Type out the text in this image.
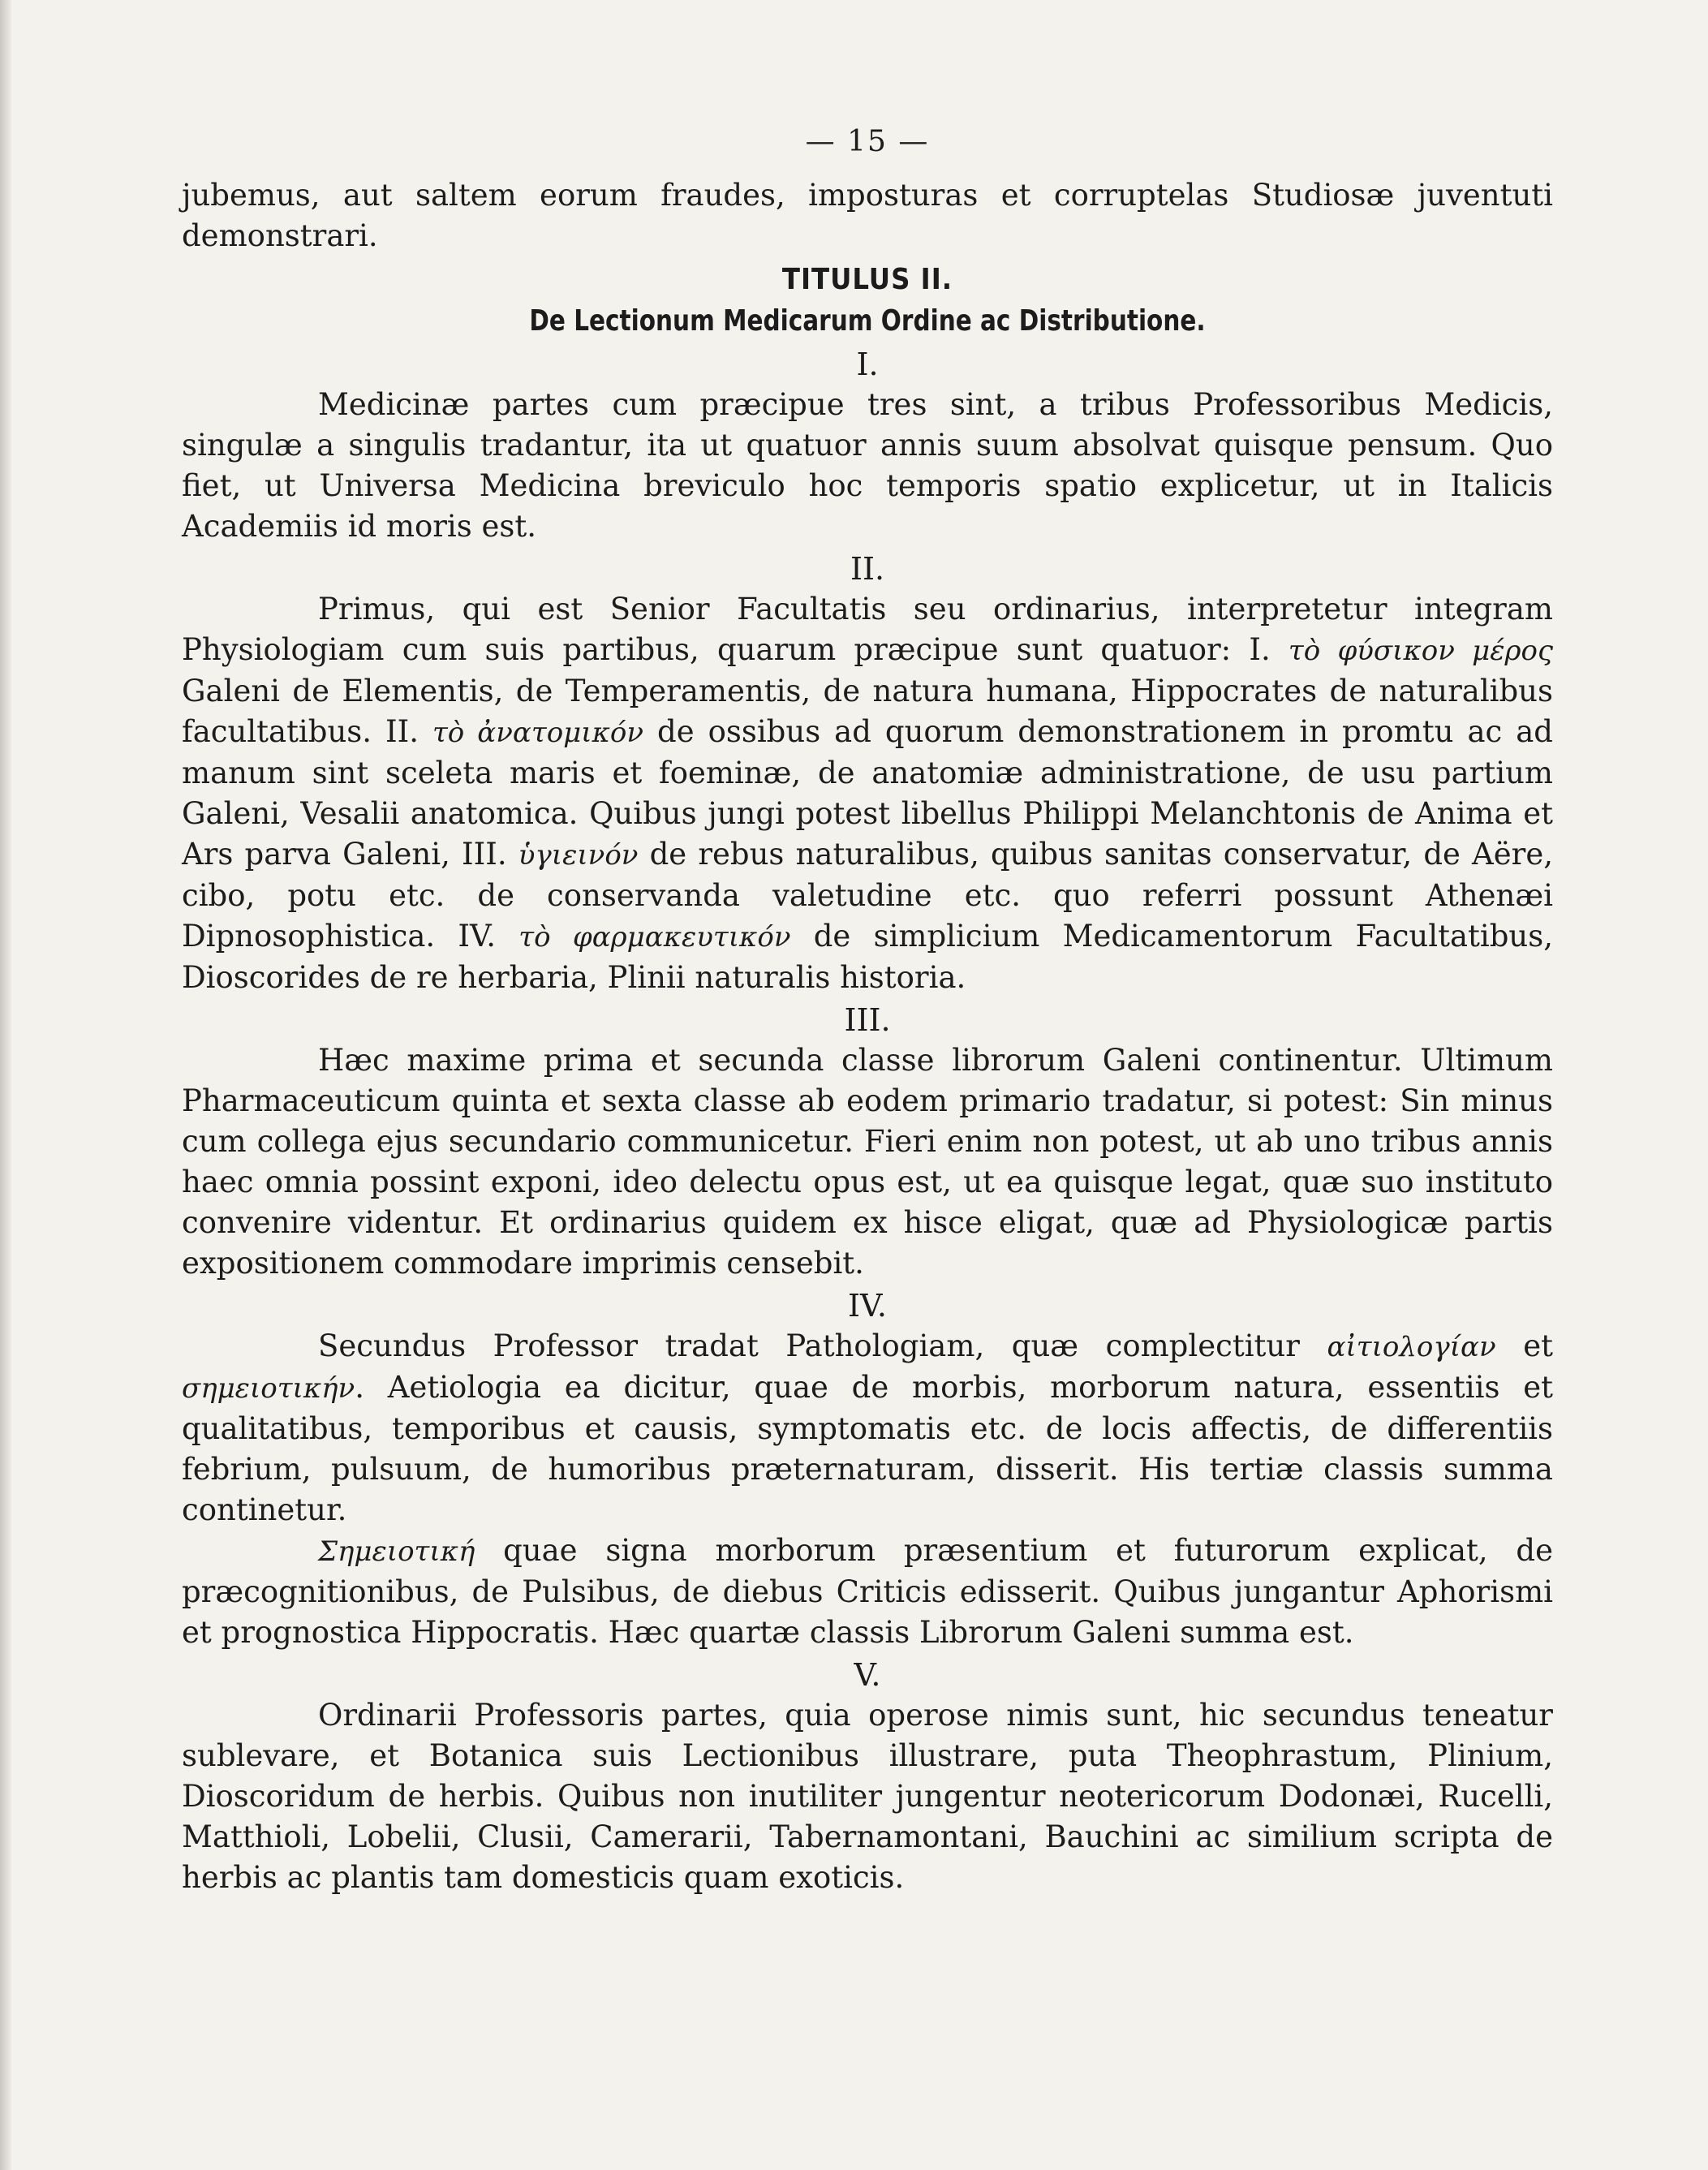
— 15 —

jubemus, aut saltem eorum fraudes, imposturas et corruptelas Studiosæ juventuti demonstrari.

TITULUS II.
De Lectionum Medicarum Ordine ac Distributione.
I.

Medicinæ partes cum præcipue tres sint, a tribus Professoribus Medicis, singulæ a singulis tradantur, ita ut quatuor annis suum absolvat quisque pensum. Quo fiet, ut Universa Medicina breviculo hoc temporis spatio explicetur, ut in Italicis Academiis id moris est.

II.

Primus, qui est Senior Facultatis seu ordinarius, interpretetur integram Physiologiam cum suis partibus, quarum præcipue sunt quatuor: I. τὸ φύσικον μέρος Galeni de Elementis, de Temperamentis, de natura humana, Hippocrates de naturalibus facultatibus. II. τὸ ἀνατομικόν de ossibus ad quorum demonstrationem in promtu ac ad manum sint sceleta maris et foeminæ, de anatomiæ administratione, de usu partium Galeni, Vesalii anatomica. Quibus jungi potest libellus Philippi Melanchtonis de Anima et Ars parva Galeni, III. ὑγιεινόν de rebus naturalibus, quibus sanitas conservatur, de Aëre, cibo, potu etc. de conservanda valetudine etc. quo referri possunt Athenæi Dipnosophistica. IV. τὸ φαρμακευτικόν de simplicium Medicamentorum Facultatibus, Dioscorides de re herbaria, Plinii naturalis historia.

III.

Hæc maxime prima et secunda classe librorum Galeni continentur. Ultimum Pharmaceuticum quinta et sexta classe ab eodem primario tradatur, si potest: Sin minus cum collega ejus secundario communicetur. Fieri enim non potest, ut ab uno tribus annis haec omnia possint exponi, ideo delectu opus est, ut ea quisque legat, quæ suo instituto convenire videntur. Et ordinarius quidem ex hisce eligat, quæ ad Physiologicæ partis expositionem commodare imprimis censebit.

IV.

Secundus Professor tradat Pathologiam, quæ complectitur αἰτιολογίαν et σημειοτικήν. Aetiologia ea dicitur, quae de morbis, morborum natura, essentiis et qualitatibus, temporibus et causis, symptomatis etc. de locis affectis, de differentiis febrium, pulsuum, de humoribus præternaturam, disserit. His tertiæ classis summa continetur.

Σημειοτική quae signa morborum præsentium et futurorum explicat, de præcognitionibus, de Pulsibus, de diebus Criticis edisserit. Quibus jungantur Aphorismi et prognostica Hippocratis. Hæc quartæ classis Librorum Galeni summa est.

V.

Ordinarii Professoris partes, quia operose nimis sunt, hic secundus teneatur sublevare, et Botanica suis Lectionibus illustrare, puta Theophrastum, Plinium, Dioscoridum de herbis. Quibus non inutiliter jungentur neotericorum Dodonæi, Rucelli, Matthioli, Lobelii, Clusii, Camerarii, Tabernamontani, Bauchini ac similium scripta de herbis ac plantis tam domesticis quam exoticis.
